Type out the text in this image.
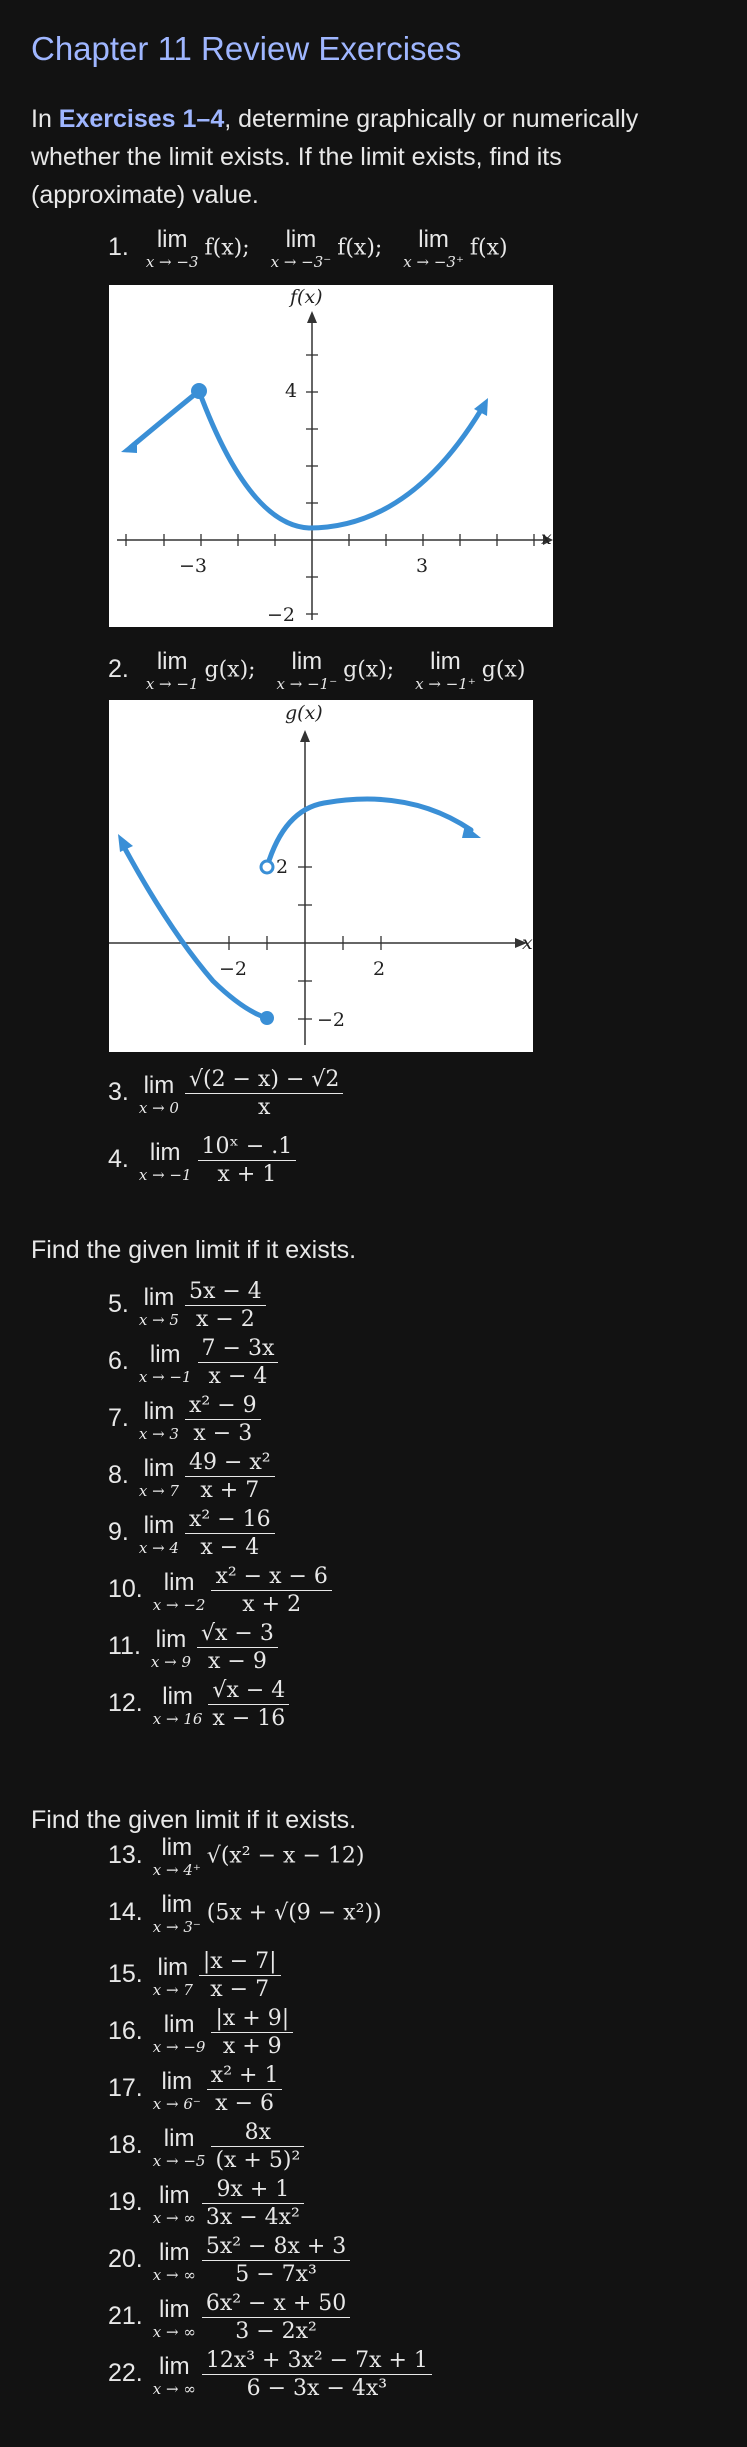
Chapter 11 Review Exercises
In Exercises 1–4, determine graphically or numerically whether the limit exists. If the limit exists, find its (approximate) value.
1.	lim
x → −3
f(x);	lim
x → −3⁻
f(x);	lim
x → −3⁺
f(x)
f(x)
x
4
−2
−3	3
2.	lim
x → −1
g(x);	lim
x → −1⁻
g(x);	lim
x → −1⁺
g(x)
g(x)
x
2
−2
−2	2
3. lim
$x \to 0 \frac{√(2 - x) - √2}{x}$
4. lim
$x \to -1 \frac{\text{10ˣ − .1}}{x + 1}$
Find the given limit if it exists.
5. lim
$x \to 5 \frac{5x - 4}{x - 2}$
6. lim
$x \to -1 \frac{7 - 3x}{x - 4}$
7. lim
$x \to 3 \frac{\text{x² − 9}}{x - 3}$
8. lim
$x \to 7 \frac{\text{49 − x²}}{x + 7}$
9. lim
$x \to 4 \frac{\text{x² − 16}}{x - 4}$
10. lim
$x \to -2 \frac{\text{x² − x − 6}}{x + 2}$
11. lim
$x \to 9 \frac{√x - 3}{x - 9}$
12. lim
$x \to 16 \frac{√x - 4}{x - 16}$
Find the given limit if it exists.
13. lim
x → 4⁺
√(x² − x − 12)
14. lim
x → 3⁻
(5x + √(9 − x²))
15. lim
$x \to 7 \frac{|x - 7|}{x - 7}$
16. lim
$x \to -9 \frac{|x + 9|}{x + 9}$
17. lim
$x \to 6^- \frac{\text{x² + 1}}{x - 6}$
18. lim
$x \to -5 \frac{8x}{\text{(x + 5)²}}$
19. lim
x → ∞ $\frac{9x + 1}{\text{3x − 4x²}}$
20. lim
x → ∞ $\frac{\text{5x² − 8x + 3}}{\text{5 − 7x³}}$
21. lim
x → ∞ $\frac{\text{6x² − x + 50}}{\text{3 − 2x²}}$
22. lim
x → ∞ $\frac{\text{12x³ + 3x² − 7x + 1}}{\text{6 − 3x − 4x³}}$
